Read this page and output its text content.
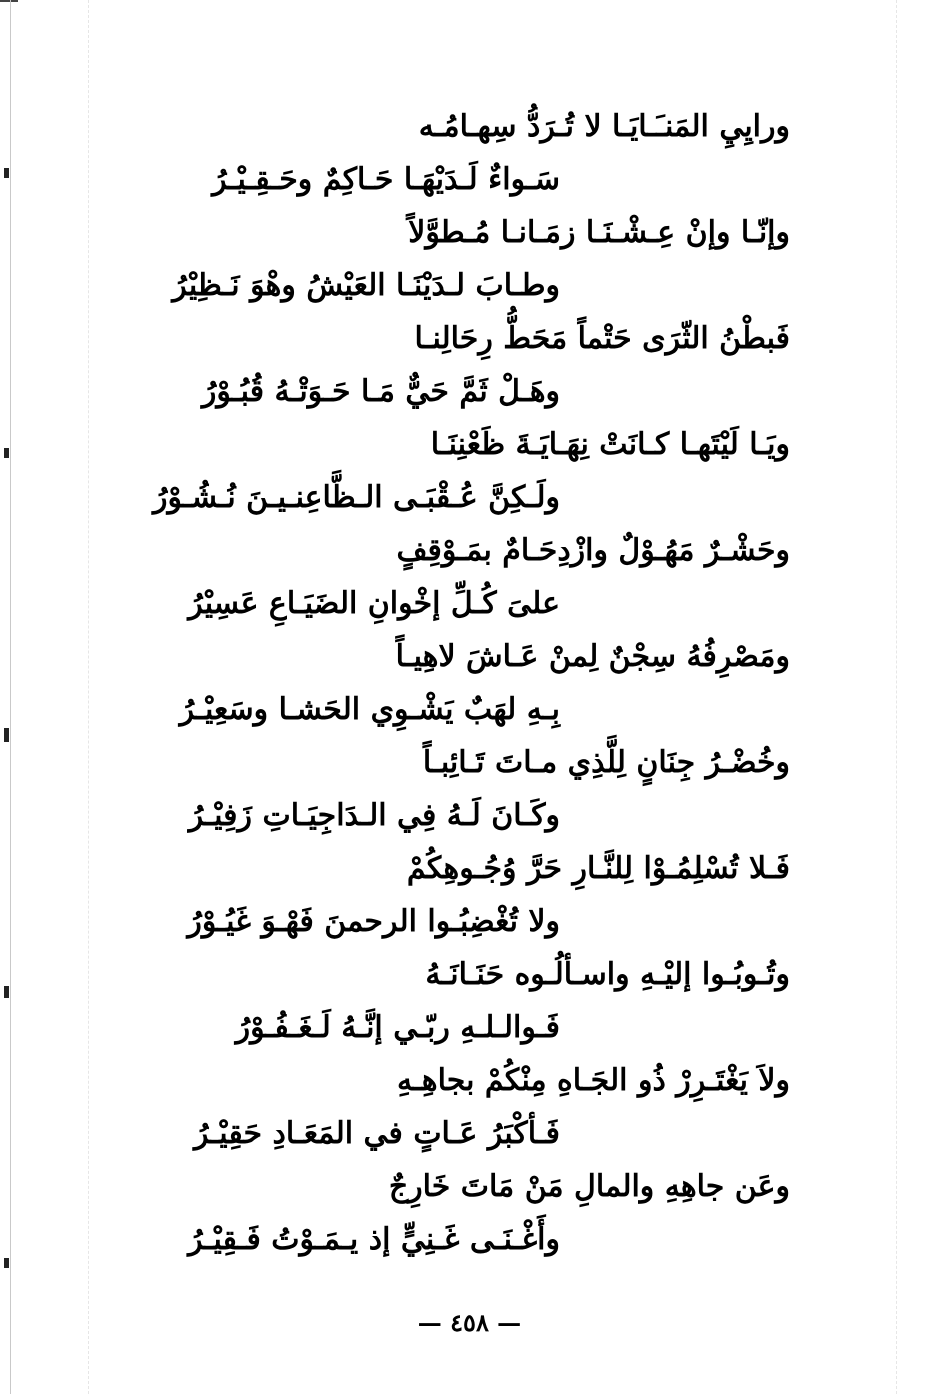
ورايِيِ المَنـَـايَـا لا تُـرَدُّ سِهـامُـه
سَـواءٌ لَـدَيْهَـا حَـاكِمٌ وحَـقِـيْـرُ
وإنّـا وإنْ عِـشْـنَـا زمَـانـا مُـطوَّلاً
وطـابَ لـدَيْنَـا العَيْشُ وهْوَ نَـظِيْرُ
فَبطْنُ الثّرَى حَتْماً مَحَطُّ رِحَالِنـا
وهَـلْ ثَمَّ حَيٌّ مَـا حَـوَتْـهُ قُبُـوْرُ
ويَـا لَيْتَهـا كـانَتْ نِهَـايَـةَ ظَعْنِنَـا
ولَـكِنَّ عُـقْبَـى الـظَّاعِنـيـنَ نُـشُـوْرُ
وحَشْـرٌ مَهُـوْلٌ وازْدِحَـامٌ بمَـوْقِفٍ
علىَ كُـلِّ إخْوانِ الضَيَـاعِ عَسِيْرُ
ومَصْرِفُهُ سِجْنٌ لِمنْ عَـاشَ لاهِيـاً
بِـهِ لهَبٌ يَشْـوِي الحَشـا وسَعِيْـرُ
وخُضْـرُ جِنَانٍ لِلَّذِي مـاتَ تَـائِبـاً
وكَـانَ لَـهُ فِي الـدَاجِيَـاتِ زَفِيْـرُ
فَـلا تُسْلِمُـوْا لِلنَّـارِ حَرَّ وُجُـوهِكُمْ
ولا تُغْضِبُـوا الرحمنَ فَهْـوَ غَيُـوْرُ
وتُـوبُـوا إليْـهِ واسـألُـوه حَنَـانَـهُ
فَـوالـلـهِ ربّـي إنَّـهُ لَـغَـفُـوْرُ
ولاَ يَغْتَـرِرْ ذُو الجَـاهِ مِنْكُمْ بجاهِـهِ
فَـأكْبَرُ عَـاتٍ في المَعَـادِ حَقِيْـرُ
وعَن جاهِهِ والمالِ مَنْ مَاتَ خَارِجٌ
وأَغْـنَـى غَـنِيٍّ إذ يـمَـوْتُ فَـقِيْـرُ
— ٤٥٨ —
